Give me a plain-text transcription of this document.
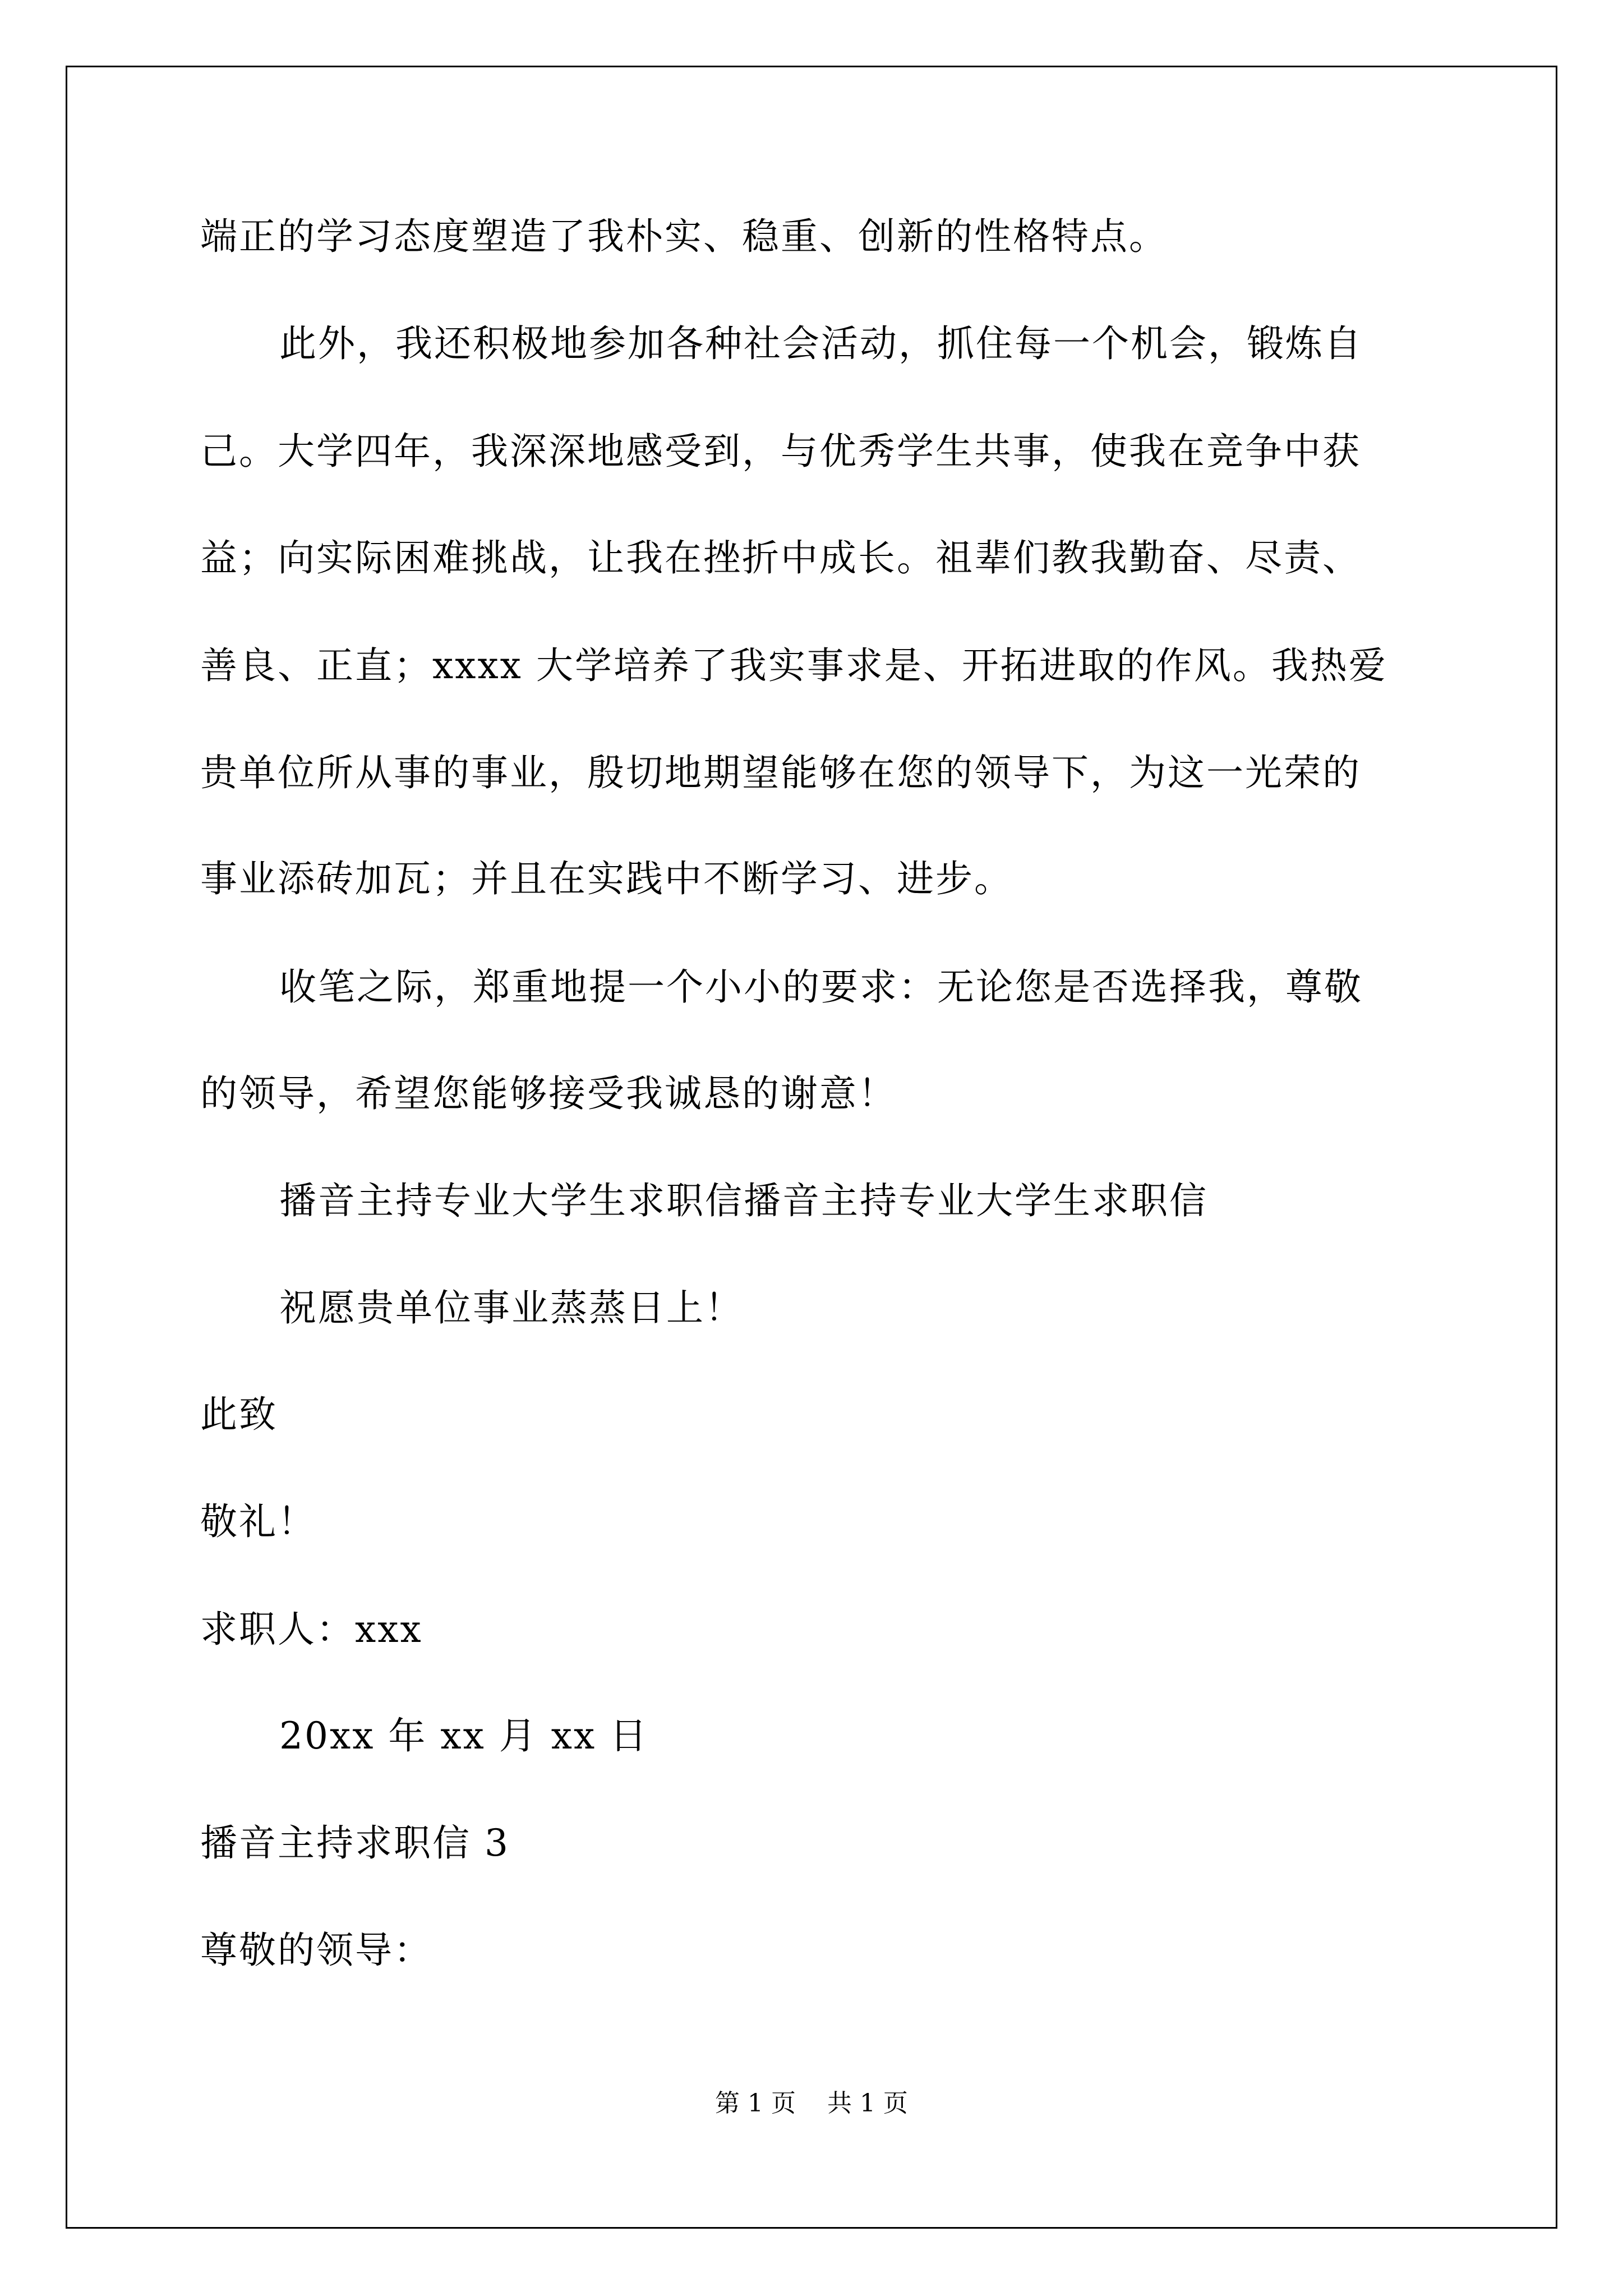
端正的学习态度塑造了我朴实、稳重、创新的性格特点。
此外，我还积极地参加各种社会活动，抓住每一个机会，锻炼自
己。大学四年，我深深地感受到，与优秀学生共事，使我在竞争中获
益；向实际困难挑战，让我在挫折中成长。祖辈们教我勤奋、尽责、
善良、正直；xxxx 大学培养了我实事求是、开拓进取的作风。我热爱
贵单位所从事的事业，殷切地期望能够在您的领导下，为这一光荣的
事业添砖加瓦；并且在实践中不断学习、进步。
收笔之际，郑重地提一个小小的要求：无论您是否选择我，尊敬
的领导，希望您能够接受我诚恳的谢意！
播音主持专业大学生求职信播音主持专业大学生求职信
祝愿贵单位事业蒸蒸日上！
此致
敬礼！
求职人：xxx
20xx 年 xx 月 xx 日
播音主持求职信 3
尊敬的领导：
第 1 页    共 1 页
